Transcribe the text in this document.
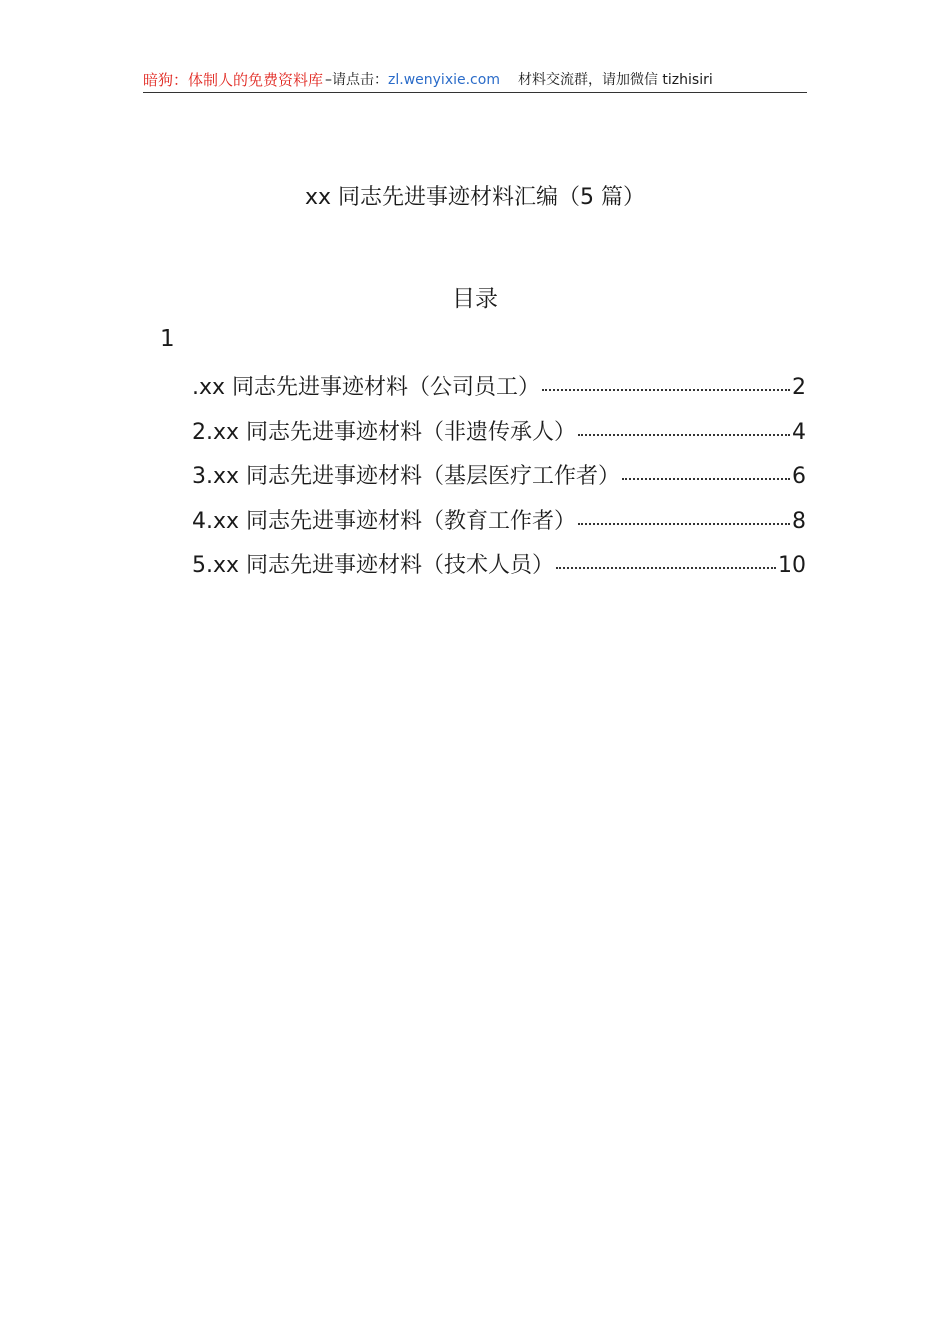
暗狗：体制人的免费资料库 –请点击： zl.wenyixie.com 材料交流群，请加微信 tizhisiri
xx 同志先进事迹材料汇编（5 篇）
目录
1
.xx 同志先进事迹材料（公司员工）	2
2.xx 同志先进事迹材料（非遗传承人）	4
3.xx 同志先进事迹材料（基层医疗工作者）	6
4.xx 同志先进事迹材料（教育工作者）	8
5.xx 同志先进事迹材料（技术人员）	10
